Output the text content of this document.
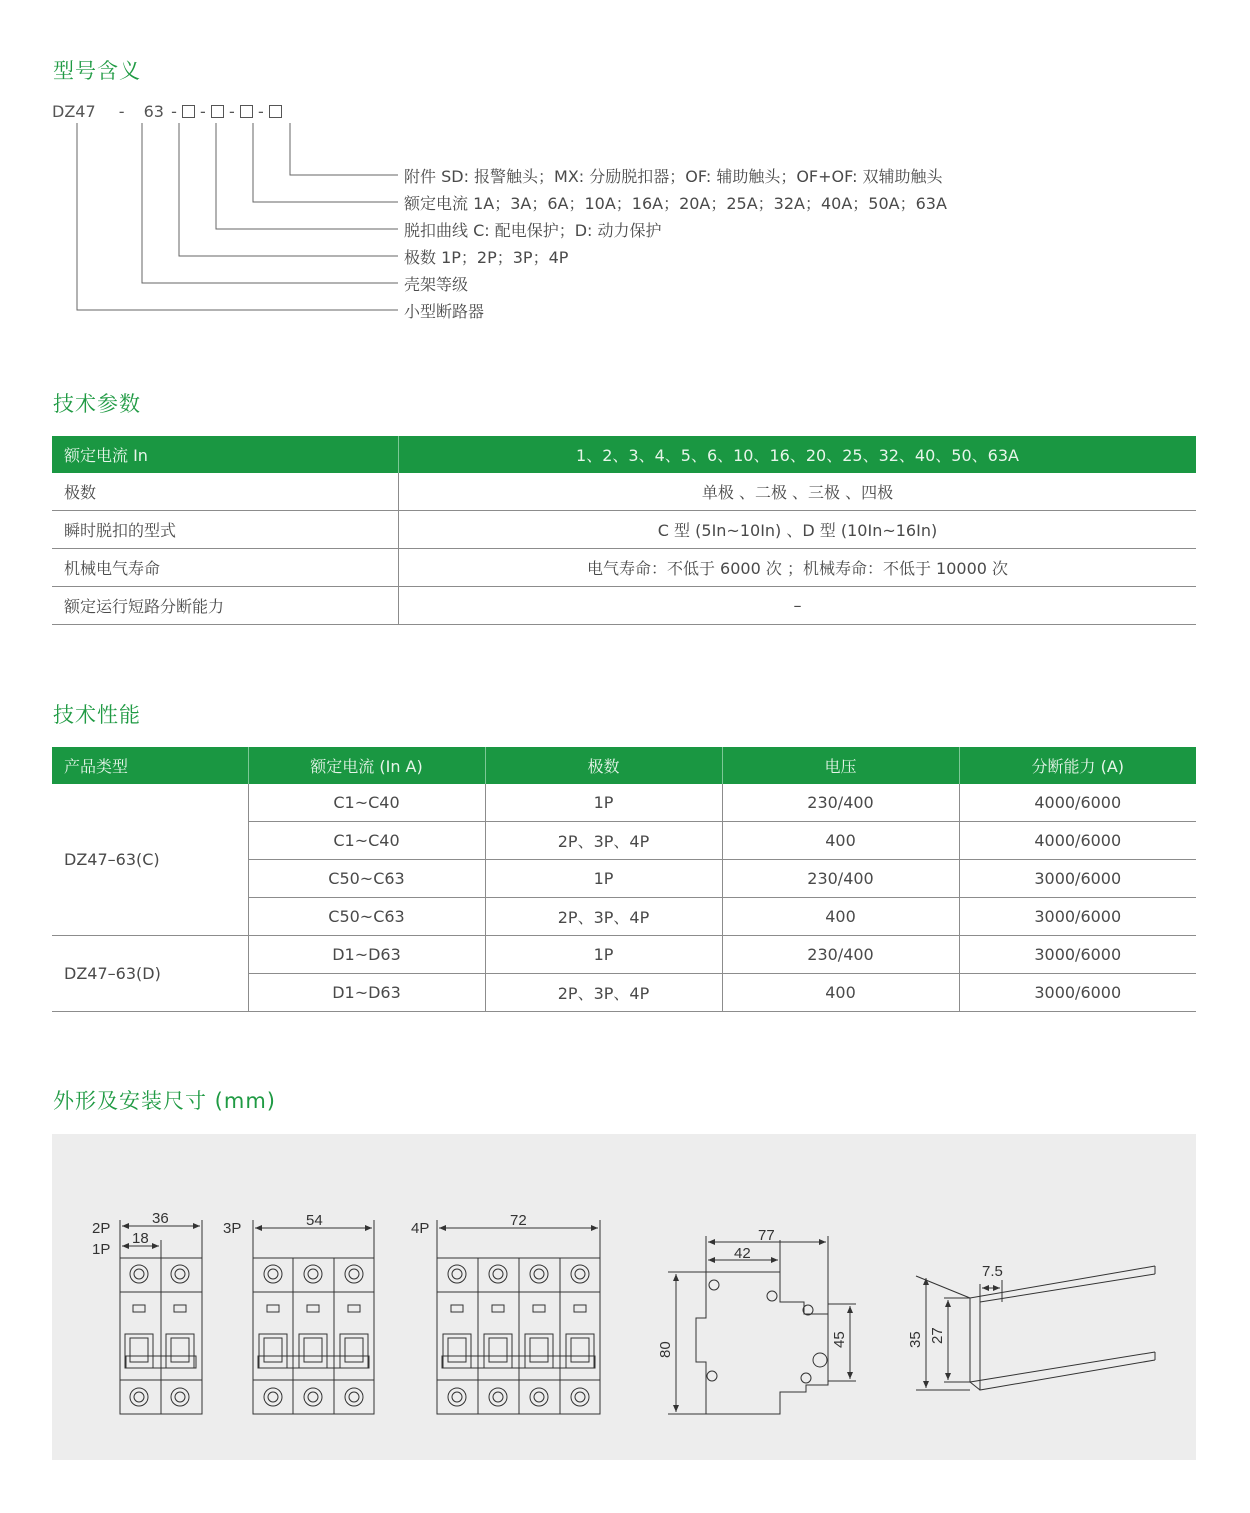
型号含义
DZ47 - 63 - - - -
附件 SD: 报警触头；MX: 分励脱扣器；OF: 辅助触头；OF+OF: 双辅助触头
额定电流 1A；3A；6A；10A；16A；20A；25A；32A；40A；50A；63A
脱扣曲线 C: 配电保护；D: 动力保护
极数 1P；2P；3P；4P
壳架等级
小型断路器
技术参数
额定电流 In	1、2、3、4、5、6、10、16、20、25、32、40、50、63A
极数	单极 、二极 、三极 、四极
瞬时脱扣的型式	C 型 (5In~10In) 、D 型 (10In~16In)
机械电气寿命	电气寿命：不低于 6000 次 ；机械寿命：不低于 10000 次
额定运行短路分断能力	–
技术性能
产品类型	额定电流 (In A)	极数	电压	分断能力 (A)
DZ47–63(C)	C1~C40	1P	230/400	4000/6000
	C1~C40	2P、3P、4P	400	4000/6000
	C50~C63	1P	230/400	3000/6000
	C50~C63	2P、3P、4P	400	3000/6000
DZ47–63(D)	D1~D63	1P	230/400	3000/6000
	D1~D63	2P、3P、4P	400	3000/6000
外形及安装尺寸 (mm)
2P
1P
36
18
3P	54	4P	72
77
42
80
45
7.5
35 27
